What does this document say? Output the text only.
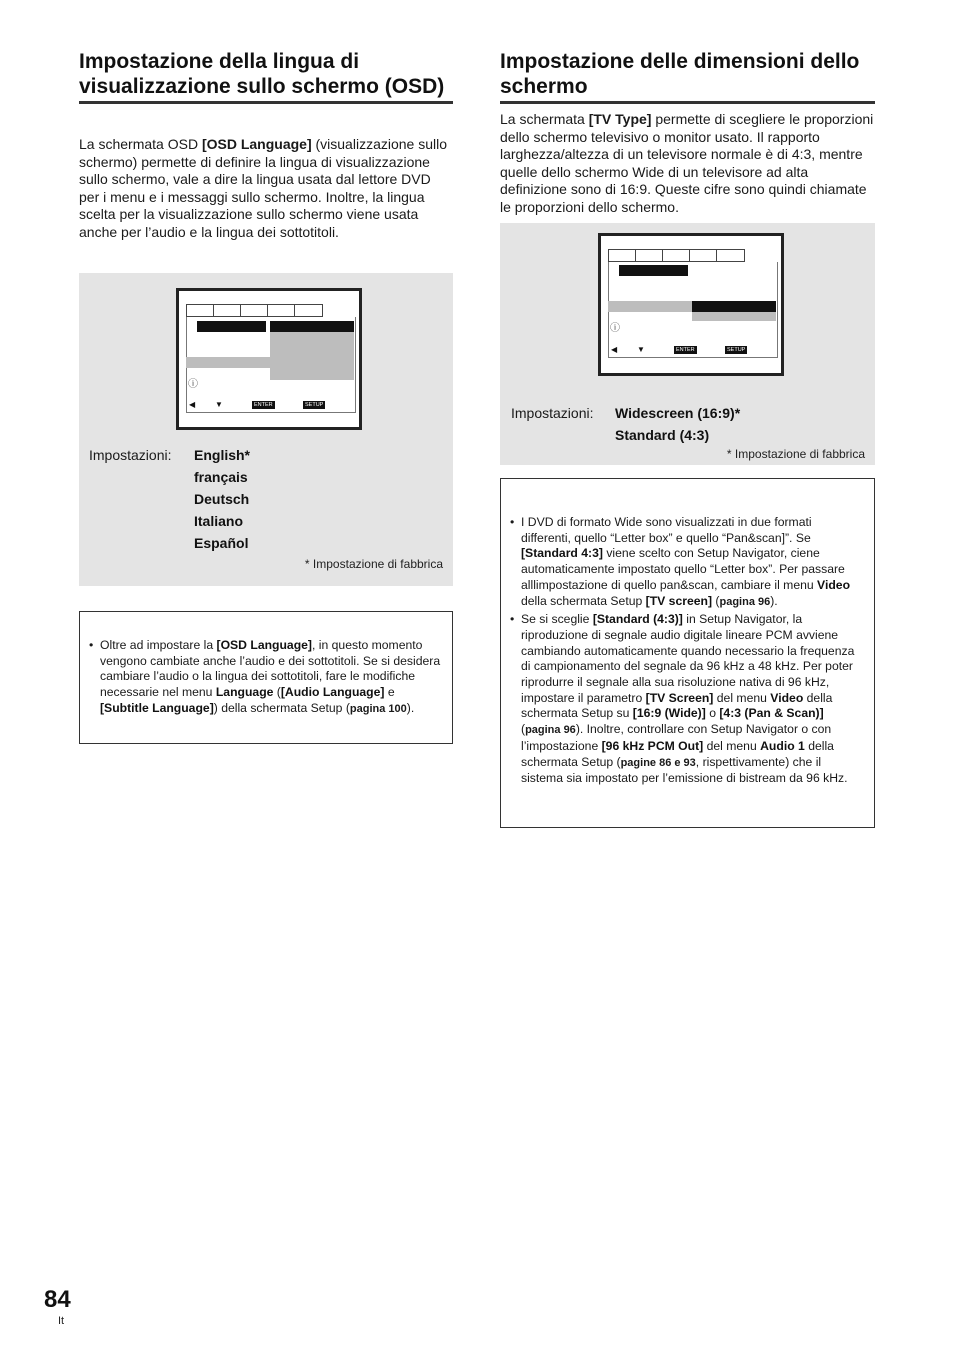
Impostazione della lingua di visualizzazione sullo schermo (OSD)

La schermata OSD [OSD Language] (visualizzazione sullo schermo) permette di definire la lingua di visualizzazione sullo schermo, vale a dire la lingua usata dal lettore DVD per i menu e i messaggi sullo schermo. Inoltre, la lingua scelta per la visualizzazione sullo schermo viene usata anche per l’audio e la lingua dei sottotitoli.

ⓘ
◀ ▼	ENTER	SETUP
Impostazioni: English*
français
Deutsch
Italiano
Español
* Impostazione di fabbrica
• Oltre ad impostare la [OSD Language], in questo momento vengono cambiate anche l’audio e dei sottotitoli. Se si desidera cambiare l’audio o la lingua dei sottotitoli, fare le modifiche necessarie nel menu Language ([Audio Language] e [Subtitle Language]) della schermata Setup (pagina 100).
Impostazione delle dimensioni dello schermo

La schermata [TV Type] permette di scegliere le proporzioni dello schermo televisivo o monitor usato. Il rapporto larghezza/altezza di un televisore normale è di 4:3, mentre quelle dello schermo Wide di un televisore ad alta definizione sono di 16:9. Queste cifre sono quindi chiamate le proporzioni dello schermo.

ⓘ
◀ ▼	ENTER	SETUP
Impostazioni: Widescreen (16:9)*
Standard (4:3)
* Impostazione di fabbrica
• I DVD di formato Wide sono visualizzati in due formati differenti, quello “Letter box” e quello “Pan&scan]”. Se [Standard 4:3] viene scelto con Setup Navigator, ciene automaticamente impostato quello “Letter box”. Per passare alllimpostazione di quello pan&scan, cambiare il menu Video della schermata Setup [TV screen] (pagina 96).
• Se si sceglie [Standard (4:3)] in Setup Navigator, la riproduzione di segnale audio digitale lineare PCM avviene cambiando automaticamente quando necessario la frequenza di campionamento del segnale da 96 kHz a 48 kHz. Per poter riprodurre il segnale alla sua risoluzione nativa di 96 kHz, impostare il parametro [TV Screen] del menu Video della schermata Setup su [16:9 (Wide)] o [4:3 (Pan & Scan)] (pagina 96). Inoltre, controllare con Setup Navigator o con l’impostazione [96 kHz PCM Out] del menu Audio 1 della schermata Setup (pagine 86 e 93, rispettivamente) che il sistema sia impostato per l’emissione di bistream da 96 kHz.
84
It
